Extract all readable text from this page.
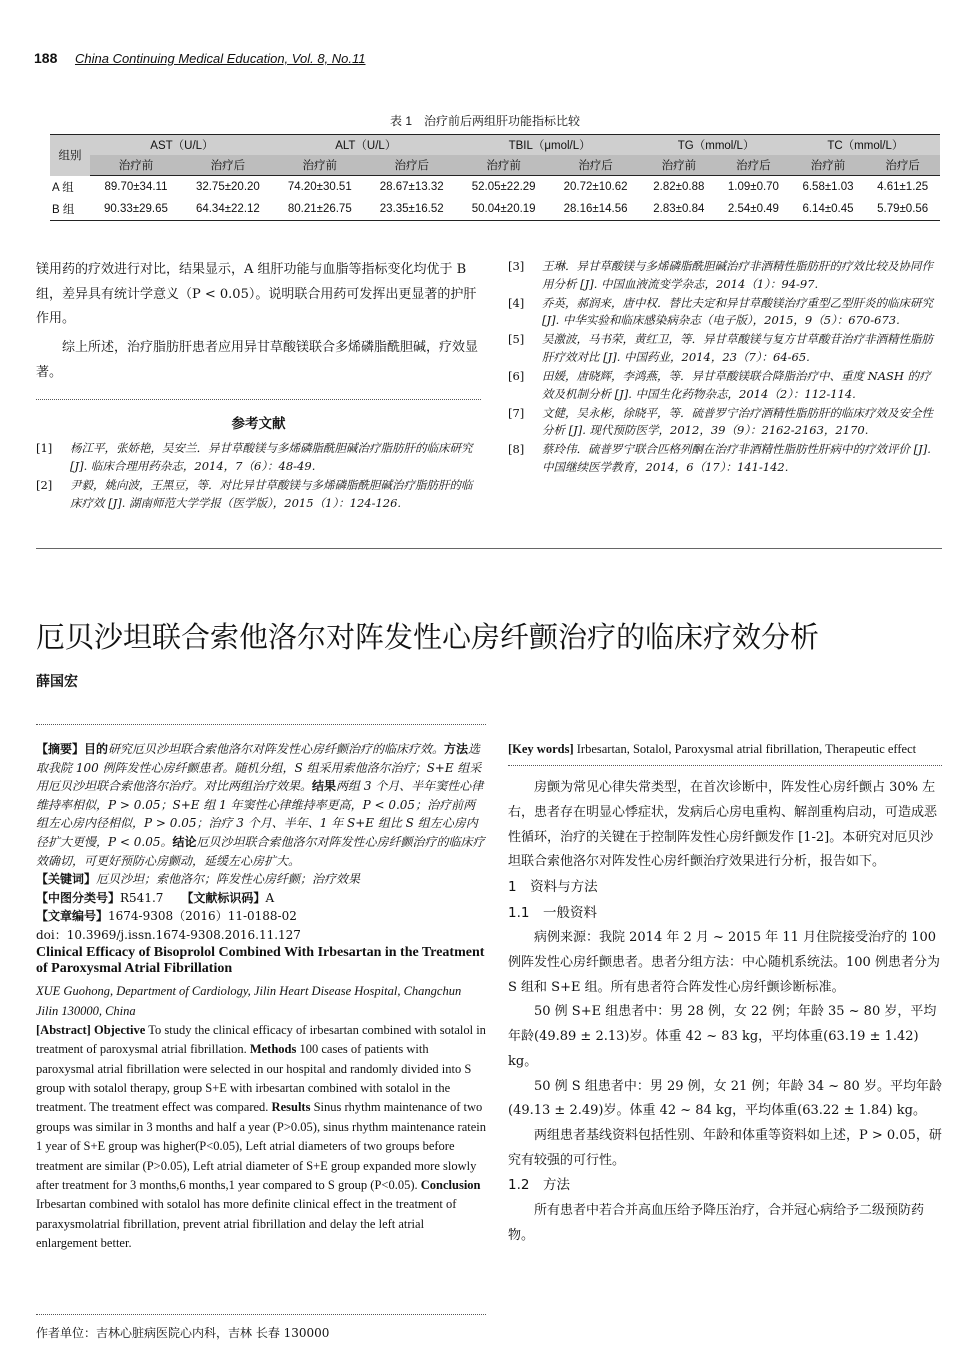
188 China Continuing Medical Education, Vol. 8, No.11
表 1　治疗前后两组肝功能指标比较
组别	AST（U/L）		ALT（U/L）		TBIL（μmol/L）		TG（mmol/L）		TC（mmol/L）	
	治疗前	治疗后	治疗前	治疗后	治疗前	治疗后	治疗前	治疗后	治疗前	治疗后
A 组	89.70±34.11	32.75±20.20	74.20±30.51	28.67±13.32	52.05±22.29	20.72±10.62	2.82±0.88	1.09±0.70	6.58±1.03	4.61±1.25
B 组	90.33±29.65	64.34±22.12	80.21±26.75	23.35±16.52	50.04±20.19	28.16±14.56	2.83±0.84	2.54±0.49	6.14±0.45	5.79±0.56

镁用药的疗效进行对比，结果显示，A 组肝功能与血脂等指标变化均优于 B 组，差异具有统计学意义（P < 0.05）。说明联合用药可发挥出更显著的护肝作用。

综上所述，治疗脂肪肝患者应用异甘草酸镁联合多烯磷脂酰胆碱，疗效显著。

参考文献
[1]	杨江平，张娇艳，吴安兰．异甘草酸镁与多烯磷脂酰胆碱治疗脂肪肝的临床研究 [J]. 临床合理用药杂志，2014，7（6）：48-49.
[2]	尹毅，姚向波，王黑豆，等．对比异甘草酸镁与多烯磷脂酰胆碱治疗脂肪肝的临床疗效 [J]. 湖南师范大学学报（医学版），2015（1）：124-126.
[3]	王琳．异甘草酸镁与多烯磷脂酰胆碱治疗非酒精性脂肪肝的疗效比较及协同作用分析 [J]. 中国血液流变学杂志，2014（1）：94-97.
[4]	乔英，郝润来，唐中权．替比夫定和异甘草酸镁治疗重型乙型肝炎的临床研究 [J]. 中华实验和临床感染病杂志（电子版），2015，9（5）：670-673.
[5]	吴激波，马书荣，黄红卫，等．异甘草酸镁与复方甘草酸苷治疗非酒精性脂肪肝疗效对比 [J]. 中国药业，2014，23（7）：64-65.
[6]	田媛，唐晓辉，李鸿燕，等．异甘草酸镁联合降脂治疗中、重度 NASH 的疗效及机制分析 [J]. 中国生化药物杂志，2014（2）：112-114.
[7]	文健，吴永彬，徐晓平，等．硫普罗宁治疗酒精性脂肪肝的临床疗效及安全性分析 [J]. 现代预防医学，2012，39（9）：2162-2163，2170.
[8]	蔡玲伟．硫普罗宁联合匹格列酮在治疗非酒精性脂肪性肝病中的疗效评价 [J]. 中国继续医学教育，2014，6（17）：141-142.
厄贝沙坦联合索他洛尔对阵发性心房纤颤治疗的临床疗效分析
薛国宏

【摘要】目的研究厄贝沙坦联合索他洛尔对阵发性心房纤颤治疗的临床疗效。方法选取我院 100 例阵发性心房纤颤患者。随机分组，S 组采用索他洛尔治疗；S+E 组采用厄贝沙坦联合索他洛尔治疗。对比两组治疗效果。结果两组 3 个月、半年窦性心律维持率相似，P > 0.05；S+E 组 1 年窦性心律维持率更高，P < 0.05；治疗前两组左心房内径相似，P > 0.05；治疗 3 个月、半年、1 年 S+E 组比 S 组左心房内径扩大更慢，P < 0.05。结论厄贝沙坦联合索他洛尔对阵发性心房纤颤治疗的临床疗效确切，可更好预防心房颤动，延缓左心房扩大。

【关键词】厄贝沙坦；索他洛尔；阵发性心房纤颤；治疗效果

【中图分类号】R541.7　　 【文献标识码】A

【文章编号】1674-9308（2016）11-0188-02

doi：10.3969/j.issn.1674-9308.2016.11.127

Clinical Efficacy of Bisoprolol Combined With Irbesartan in the Treatment of Paroxysmal Atrial Fibrillation

XUE Guohong, Department of Cardiology, Jilin Heart Disease Hospital, Changchun Jilin 130000, China

[Abstract] Objective To study the clinical efficacy of irbesartan combined with sotalol in treatment of paroxysmal atrial fibrillation. Methods 100 cases of patients with paroxysmal atrial fibrillation were selected in our hospital and randomly divided into S group with sotalol therapy, group S+E with irbesartan combined with sotalol in the treatment. The treatment effect was compared. Results Sinus rhythm maintenance of two groups was similar in 3 months and half a year (P>0.05), sinus rhythm maintenance ratein 1 year of S+E group was higher(P<0.05), Left atrial diameters of two groups before treatment are similar (P>0.05), Left atrial diameter of S+E group expanded more slowly after treatment for 3 months,6 months,1 year compared to S group (P<0.05). Conclusion Irbesartan combined with sotalol has more definite clinical effect in the treatment of paraxysmolatrial fibrillation, prevent atrial fibrillation and delay the left atrial enlargement better.

[Key words] Irbesartan, Sotalol, Paroxysmal atrial fibrillation, Therapeutic effect

房颤为常见心律失常类型，在首次诊断中，阵发性心房纤颤占 30% 左右，患者存在明显心悸症状，发病后心房电重构、解剖重构启动，可造成恶性循环，治疗的关键在于控制阵发性心房纤颤发作 [1-2]。本研究对厄贝沙坦联合索他洛尔对阵发性心房纤颤治疗效果进行分析，报告如下。

1　资料与方法

1.1　一般资料

病例来源：我院 2014 年 2 月 ~ 2015 年 11 月住院接受治疗的 100 例阵发性心房纤颤患者。患者分组方法：中心随机系统法。100 例患者分为 S 组和 S+E 组。所有患者符合阵发性心房纤颤诊断标准。

50 例 S+E 组患者中：男 28 例，女 22 例；年龄 35 ~ 80 岁，平均年龄(49.89 ± 2.13)岁。体重 42 ~ 83 kg，平均体重(63.19 ± 1.42) kg。

50 例 S 组患者中：男 29 例，女 21 例；年龄 34 ~ 80 岁。平均年龄(49.13 ± 2.49)岁。体重 42 ~ 84 kg，平均体重(63.22 ± 1.84) kg。

两组患者基线资料包括性别、年龄和体重等资料如上述，P > 0.05，研究有较强的可行性。

1.2　方法

所有患者中若合并高血压给予降压治疗，合并冠心病给予二级预防药物。

作者单位：吉林心脏病医院心内科，吉林 长春 130000
